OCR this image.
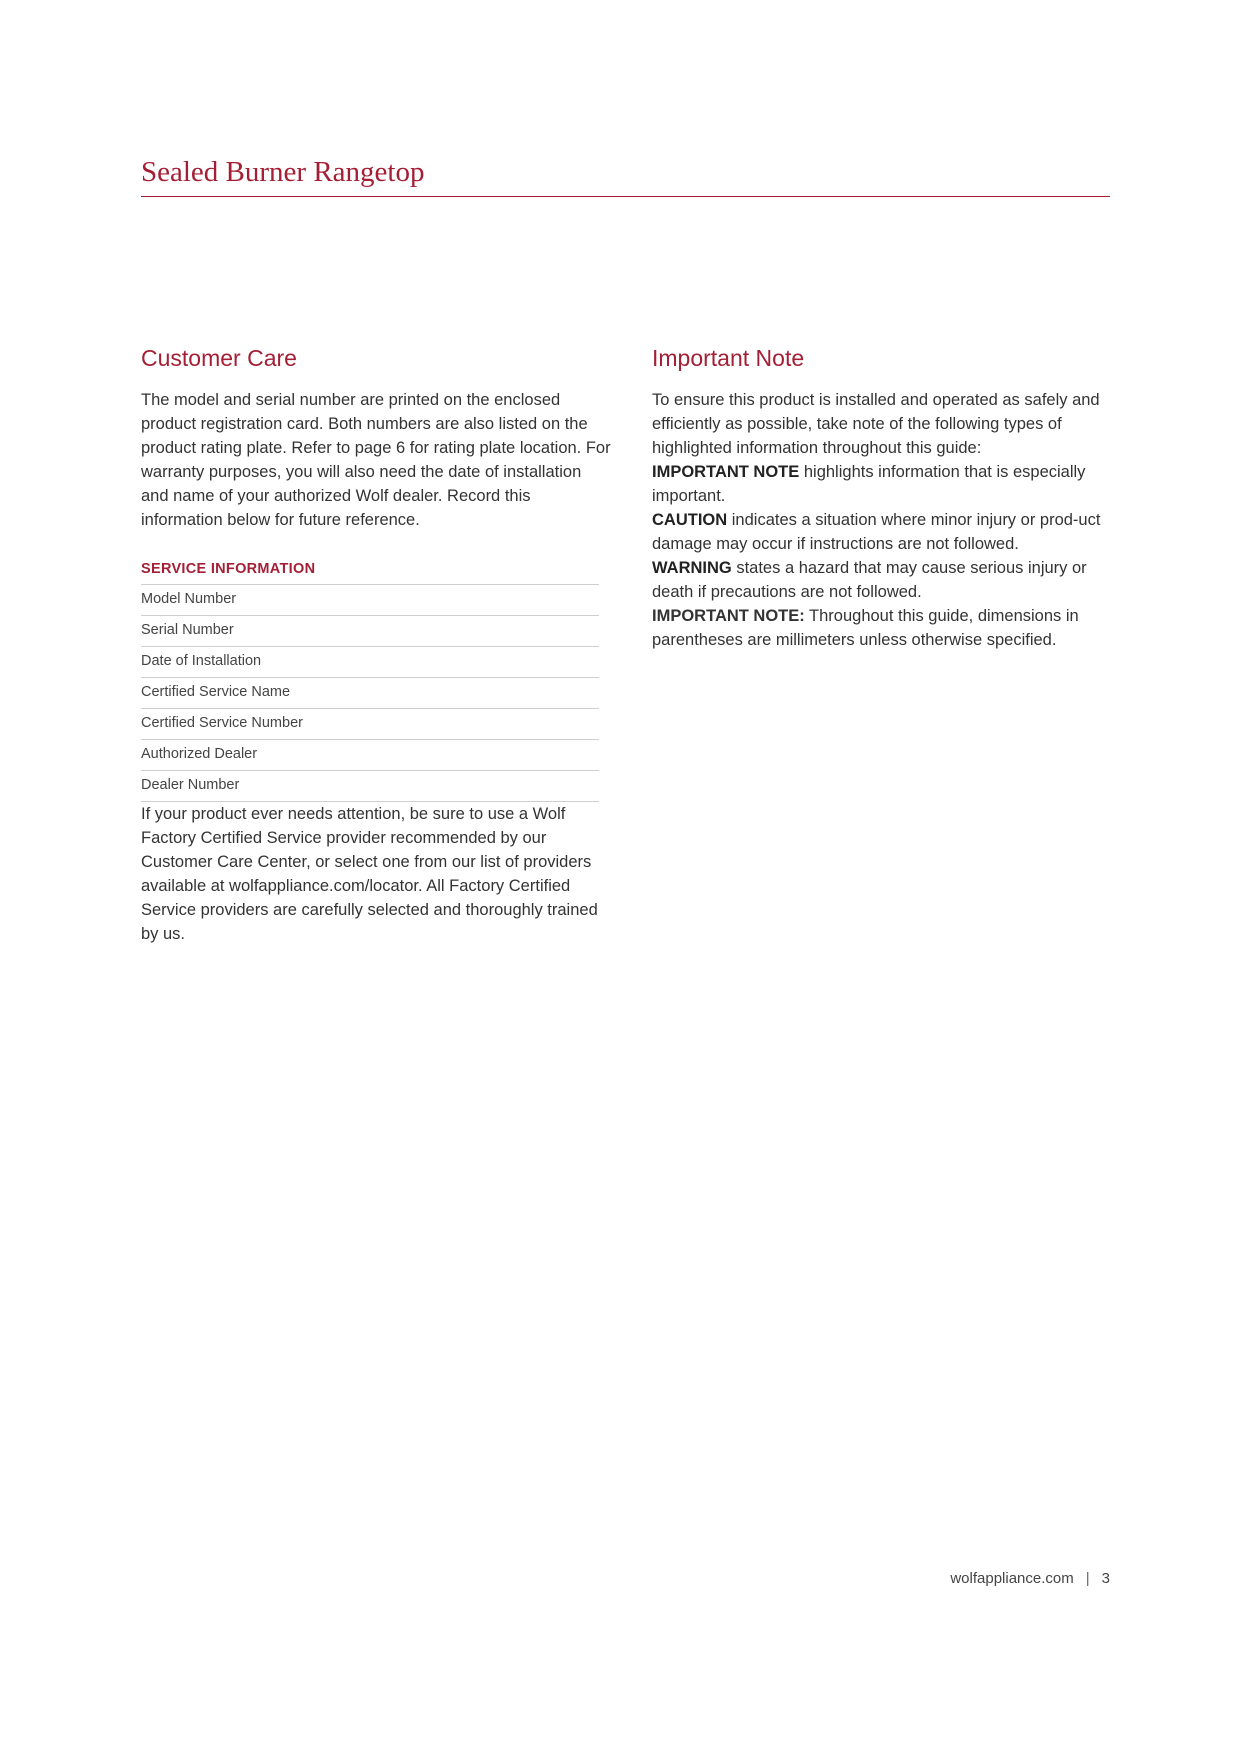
Sealed Burner Rangetop
Customer Care

The model and serial number are printed on the enclosed product registration card. Both numbers are also listed on the product rating plate. Refer to page 6 for rating plate location. For warranty purposes, you will also need the date of installation and name of your authorized Wolf dealer. Record this information below for future reference.

SERVICE INFORMATION
Model Number
Serial Number
Date of Installation
Certified Service Name
Certified Service Number
Authorized Dealer
Dealer Number

If your product ever needs attention, be sure to use a Wolf Factory Certified Service provider recommended by our Customer Care Center, or select one from our list of providers available at wolfappliance.com/locator. All Factory Certified Service providers are carefully selected and thoroughly trained by us.

Important Note

To ensure this product is installed and operated as safely and efficiently as possible, take note of the following types of highlighted information throughout this guide:

IMPORTANT NOTE highlights information that is especially important.

CAUTION indicates a situation where minor injury or prod-uct damage may occur if instructions are not followed.

WARNING states a hazard that may cause serious injury or death if precautions are not followed.

IMPORTANT NOTE: Throughout this guide, dimensions in parentheses are millimeters unless otherwise specified.

wolfappliance.com | 3
